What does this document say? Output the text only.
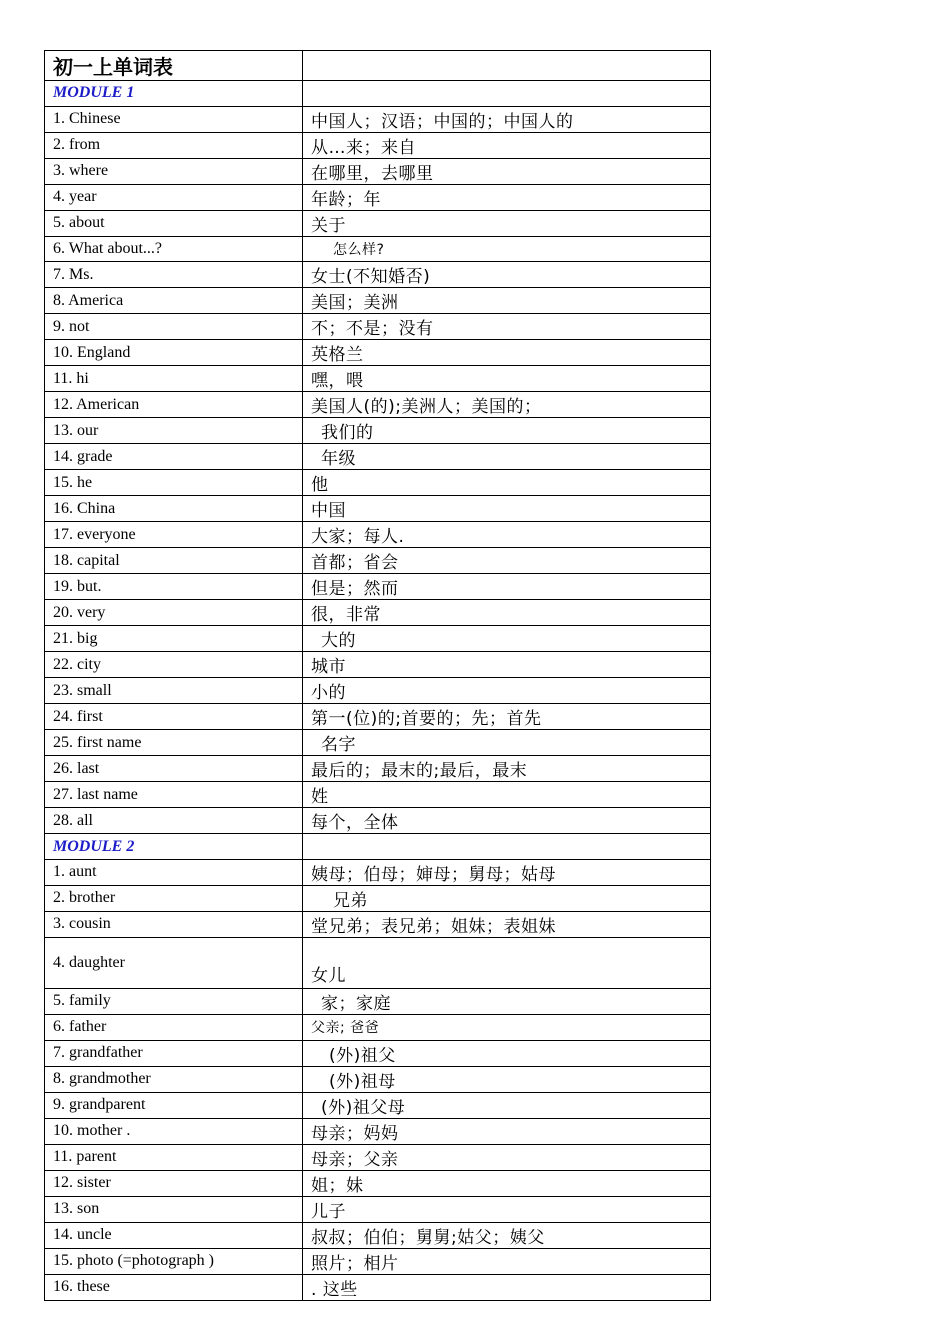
初一上单词表	
MODULE 1	
1. Chinese	中国人；汉语；中国的；中国人的
2. from	从…来；来自
3. where	在哪里，去哪里
4. year	年龄；年
5. about	关于
6. What about...?	怎么样?
7. Ms.	女士(不知婚否)
8. America	美国；美洲
9. not	不；不是；没有
10. England	英格兰
11. hi	嘿，喂
12. American	美国人(的);美洲人；美国的；
13. our	我们的
14. grade	年级
15. he	他
16. China	中国
17. everyone	大家；每人.
18. capital	首都；省会
19. but.	但是；然而
20. very	很，非常
21. big	大的
22. city	城市
23. small	小的
24. first	第一(位)的;首要的；先；首先
25. first name	名字
26. last	最后的；最末的;最后，最末
27. last name	姓
28. all	每个，全体
MODULE 2	
1. aunt	姨母；伯母；婶母；舅母；姑母
2. brother	兄弟
3. cousin	堂兄弟；表兄弟；姐妹；表姐妹
4. daughter	女儿
5. family	家；家庭
6. father	父亲; 爸爸
7. grandfather	(外)祖父
8. grandmother	(外)祖母
9. grandparent	(外)祖父母
10. mother .	母亲；妈妈
11. parent	母亲；父亲
12. sister	姐；妹
13. son	儿子
14. uncle	叔叔；伯伯；舅舅;姑父；姨父
15. photo (=photograph )	照片；相片
16. these	. 这些
